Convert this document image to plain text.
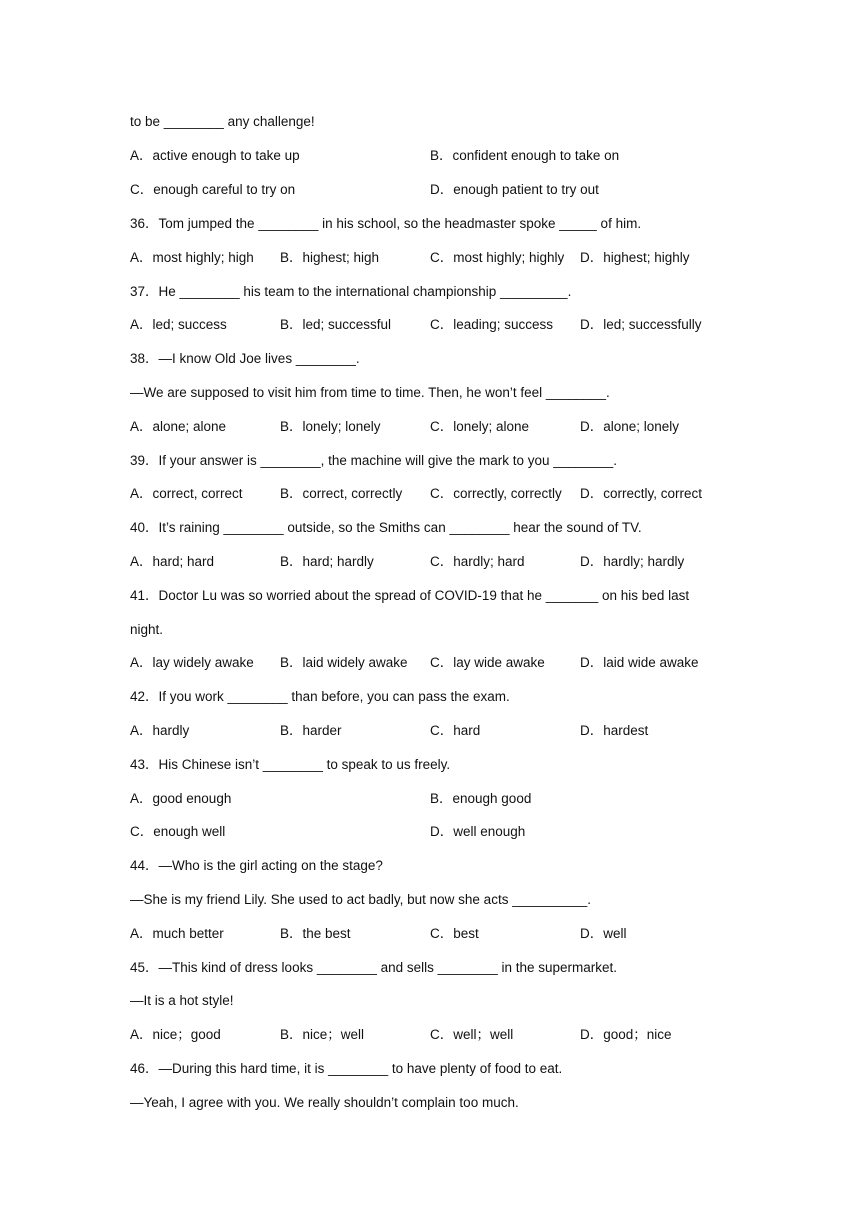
to be ________ any challenge!
A．active enough to take up	B．confident enough to take on
C．enough careful to try on	D．enough patient to try out
36．Tom jumped the ________ in his school, so the headmaster spoke _____ of him.
A．most highly; high B．highest; high	C．most highly; highly D．highest; highly
37．He ________ his team to the international championship _________.
A．led; success	B．led; successful	C．leading; success D．led; successfully
38．—I know Old Joe lives ________.
—We are supposed to visit him from time to time. Then, he won’t feel ________.
A．alone; alone	B．lonely; lonely	C．lonely; alone	D．alone; lonely
39．If your answer is ________, the machine will give the mark to you ________.
A．correct, correct	B．correct, correctly C．correctly, correctly D．correctly, correct
40．It’s raining ________ outside, so the Smiths can ________ hear the sound of TV.
A．hard; hard	B．hard; hardly	C．hardly; hard	D．hardly; hardly
41．Doctor Lu was so worried about the spread of COVID-19 that he _______ on his bed last
night.
A．lay widely awake B．laid widely awake C．lay wide awake	D．laid wide awake
42．If you work ________ than before, you can pass the exam.
A．hardly	B．harder	C．hard	D．hardest
43．His Chinese isn’t ________ to speak to us freely.
A．good enough	B．enough good
C．enough well	D．well enough
44．—Who is the girl acting on the stage?
—She is my friend Lily. She used to act badly, but now she acts __________.
A．much better	B．the best	C．best	D．well
45．—This kind of dress looks ________ and sells ________ in the supermarket.
—It is a hot style!
A．nice；good	B．nice；well	C．well；well	D．good；nice
46．—During this hard time, it is ________ to have plenty of food to eat.
—Yeah, I agree with you. We really shouldn’t complain too much.
